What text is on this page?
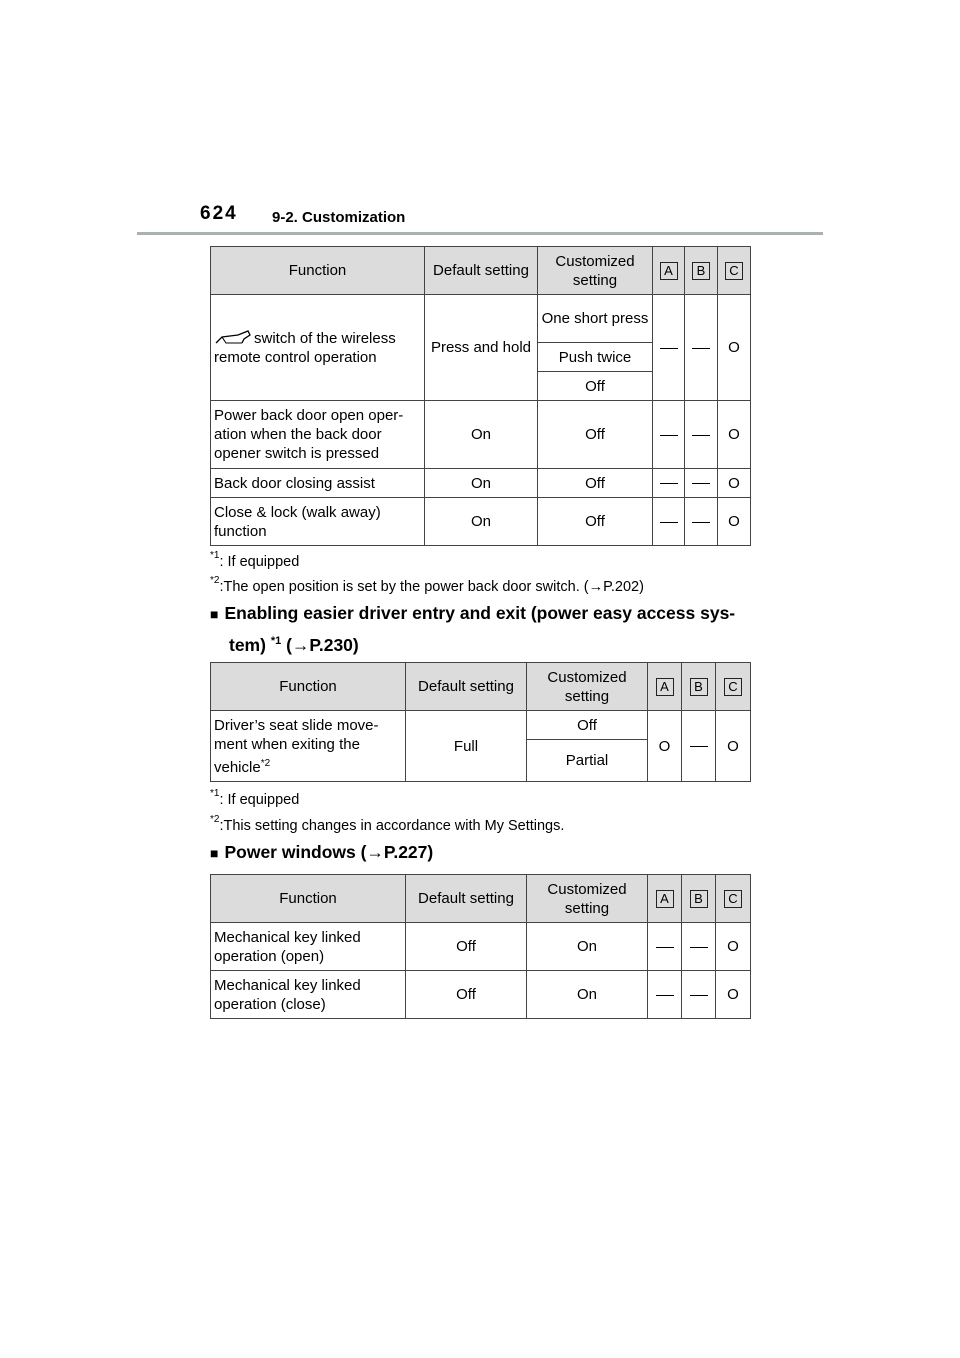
624 9-2. Customization
Function	Default setting	Customized
setting	A	B	C
switch of the wireless remote control operation	Press and hold	One short press			O
		Push twice			
		Off			
Power back door open oper-
ation when the back door
opener switch is pressed	On	Off			O
Back door closing assist	On	Off			O
Close & lock (walk away)
function	On	Off			O
$^{*1}$: If equipped
$^{*2}$:The open position is set by the power back door switch. (→P.202)
■ Enabling easier driver entry and exit (power easy access sys-
tem) $^{*1}$ (→P.230)
Function	Default setting	Customized
setting	A	B	C
Driver’s seat slide move-
ment when exiting the
vehicle$^{*2}$	Full	Off	O		O
		Partial			
$^{*1}$: If equipped
$^{*2}$:This setting changes in accordance with My Settings.
■ Power windows (→P.227)
Function	Default setting	Customized
setting	A	B	C
Mechanical key linked
operation (open)	Off	On			O
Mechanical key linked
operation (close)	Off	On			O
